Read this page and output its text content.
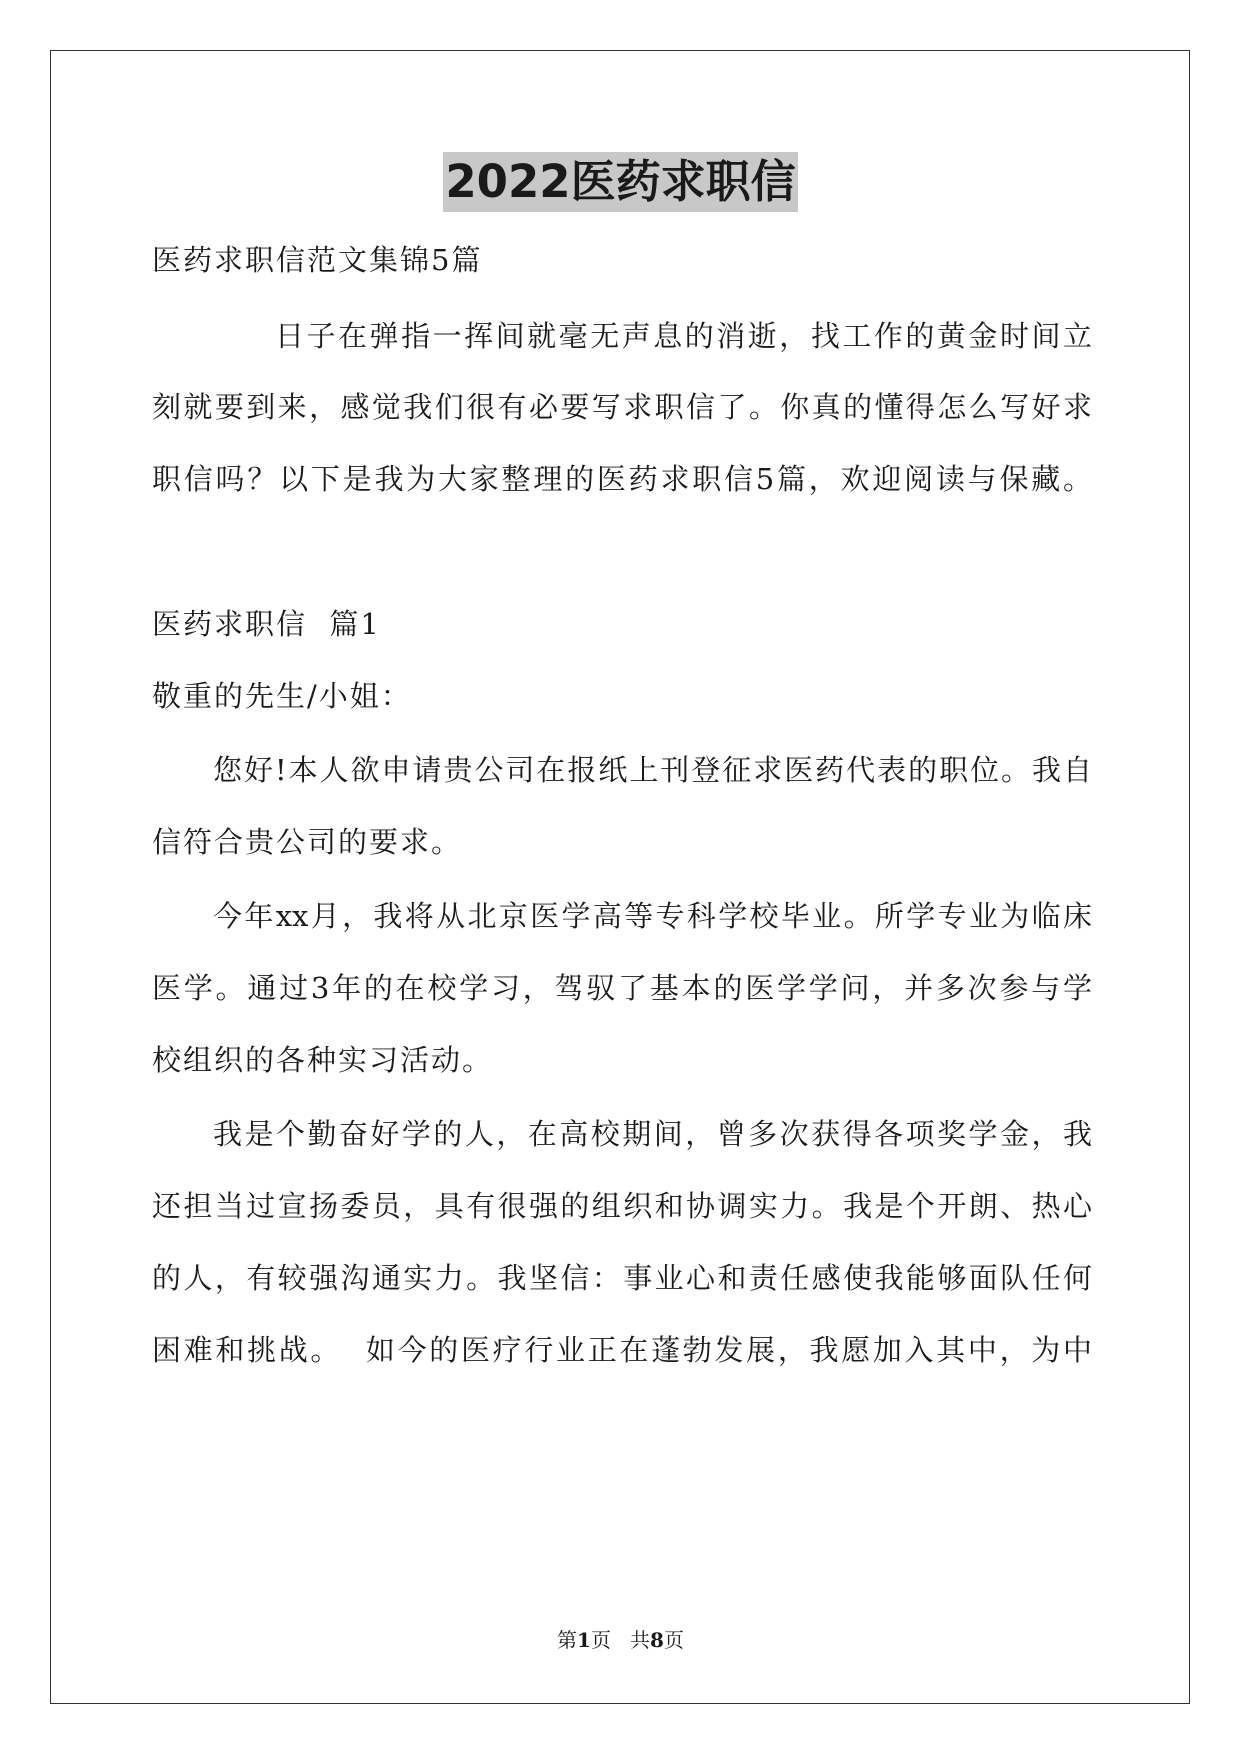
2022医药求职信
医药求职信范文集锦5篇
日子在弹指一挥间就毫无声息的消逝，找工作的黄金时间立
刻就要到来，感觉我们很有必要写求职信了。你真的懂得怎么写好求
职信吗？以下是我为大家整理的医药求职信5篇，欢迎阅读与保藏。
医药求职信  篇1
敬重的先生/小姐：
您好!本人欲申请贵公司在报纸上刊登征求医药代表的职位。我自
信符合贵公司的要求。
今年xx月，我将从北京医学高等专科学校毕业。所学专业为临床
医学。通过3年的在校学习，驾驭了基本的医学学问，并多次参与学
校组织的各种实习活动。
我是个勤奋好学的人，在高校期间，曾多次获得各项奖学金，我
还担当过宣扬委员，具有很强的组织和协调实力。我是个开朗、热心
的人，有较强沟通实力。我坚信：事业心和责任感使我能够面队任何
困难和挑战。  如今的医疗行业正在蓬勃发展，我愿加入其中，为中
第1页   共8页
